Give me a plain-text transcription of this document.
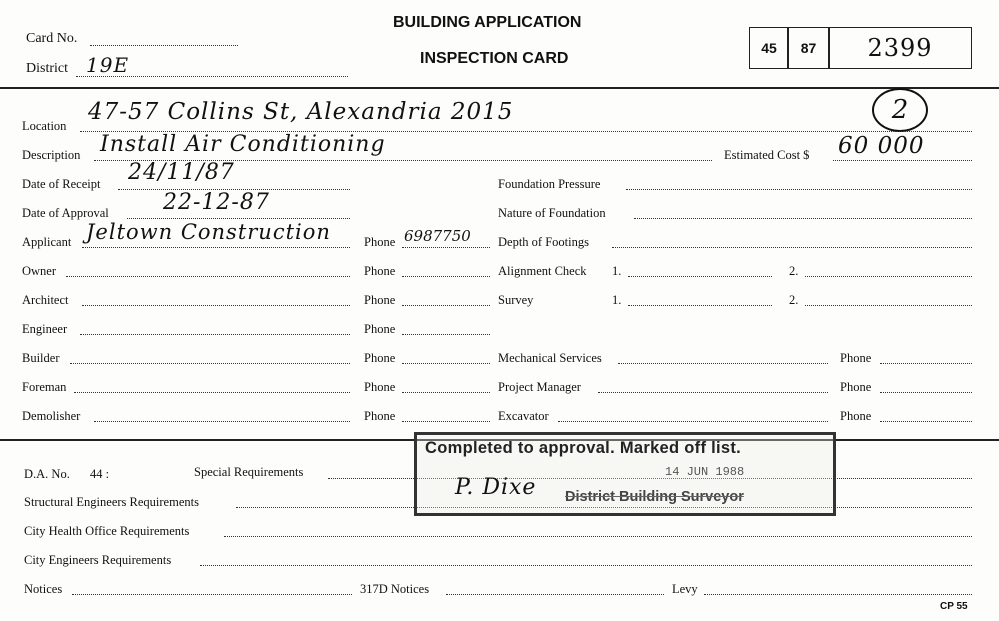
Card No.
District 19E
BUILDING APPLICATION
INSPECTION CARD
45	87	2399
2
Location
47-57 Collins St, Alexandria 2015
Description Install Air Conditioning	Estimated Cost $ 60 000
Date of Receipt 24/11/87
Date of Approval 22-12-87
Applicant Jeltown Construction	Phone 6987750
Owner	Phone
Architect	Phone
Engineer	Phone
Builder	Phone
Foreman	Phone
Demolisher	Phone
Foundation Pressure
Nature of Foundation
Depth of Footings
Alignment Check 1.	2.
Survey	1.	2.
Mechanical Services	Phone
Project Manager	Phone
Excavator	Phone
D.A. No. 44 :	Special Requirements
Structural Engineers Requirements
City Health Office Requirements
City Engineers Requirements
Notices	317D Notices	Levy
CP 55
Completed to approval. Marked off list.
14 JUN 1988
P. Dixe District Building Surveyor
